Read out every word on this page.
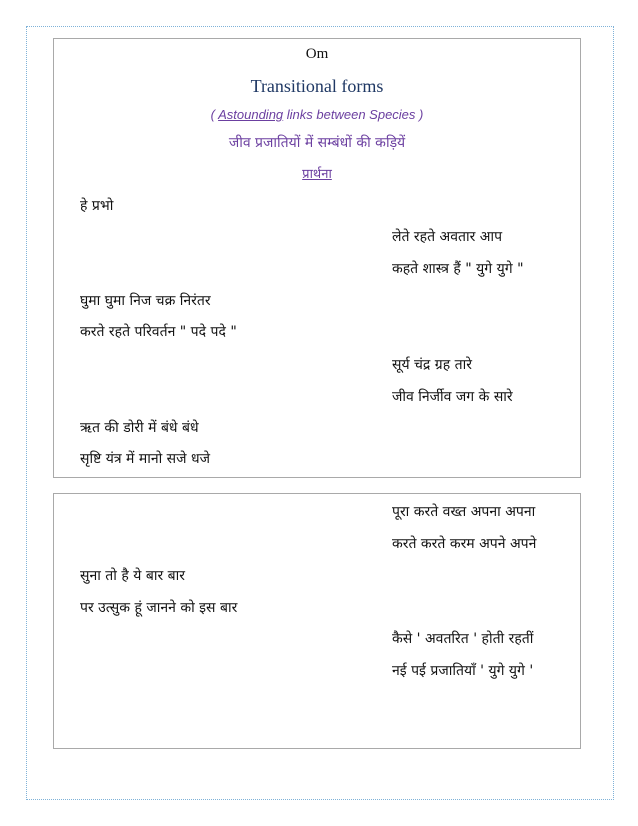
Om
Transitional forms
( Astounding links between Species )
जीव प्रजातियों में सम्बंधों की कड़ियें
प्रार्थना
हे प्रभो
लेते रहते अवतार आप
कहते शास्त्र हैं " युगे युगे "
घुमा घुमा निज चक्र निरंतर
करते रहते परिवर्तन " पदे पदे "
सूर्य चंद्र ग्रह तारे
जीव निर्जीव जग के सारे
ऋत की डोरी में बंधे बंधे
सृष्टि यंत्र में मानो सजे धजे
पूरा करते वख्त अपना अपना
करते करते करम अपने अपने
सुना तो है ये बार बार
पर उत्सुक हूं जानने को इस बार
कैसे ' अवतरित ' होती रहतीं
नई पई प्रजातियाँ ' युगे युगे '
